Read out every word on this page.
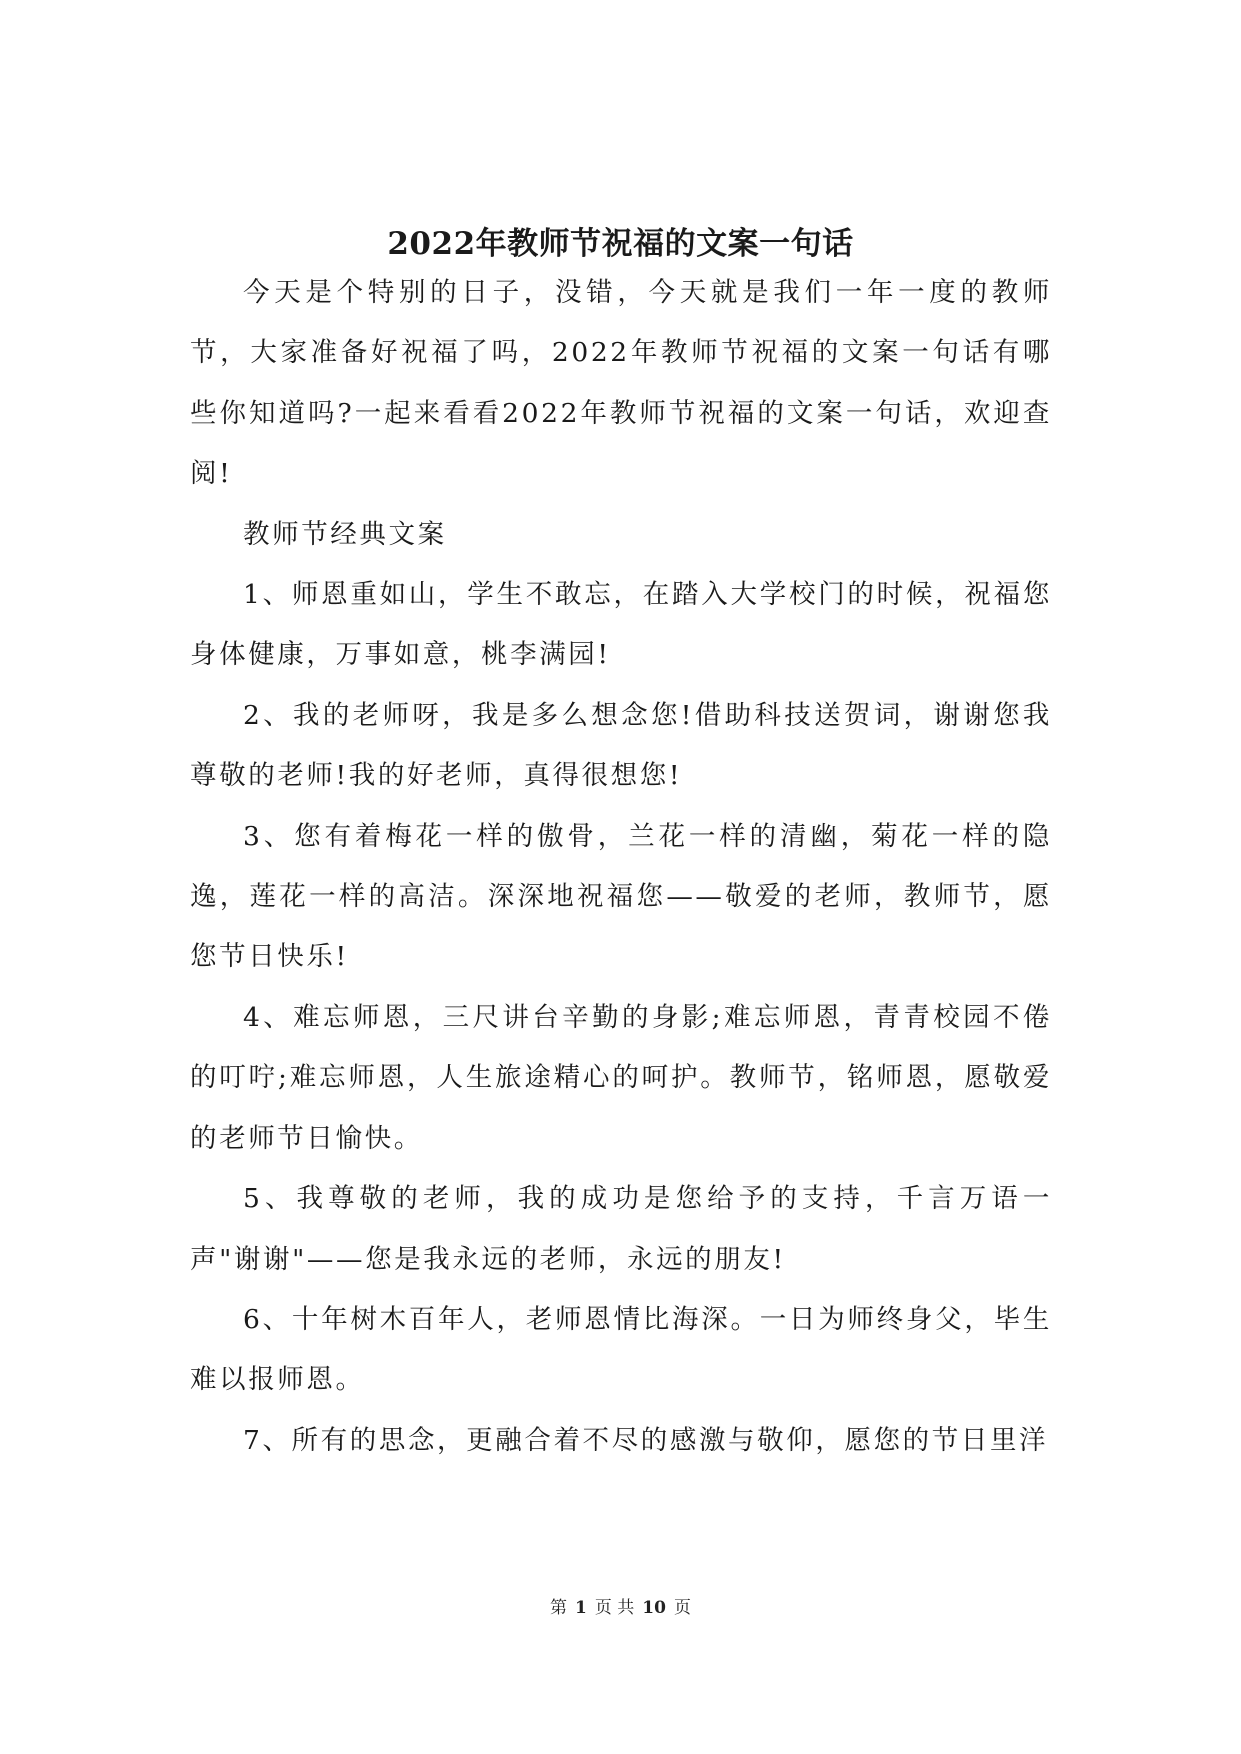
2022年教师节祝福的文案一句话

今天是个特别的日子，没错，今天就是我们一年一度的教师节，大家准备好祝福了吗，2022年教师节祝福的文案一句话有哪些你知道吗?一起来看看2022年教师节祝福的文案一句话，欢迎查阅!

教师节经典文案

1、师恩重如山，学生不敢忘，在踏入大学校门的时候，祝福您身体健康，万事如意，桃李满园!

2、我的老师呀，我是多么想念您!借助科技送贺词，谢谢您我尊敬的老师!我的好老师，真得很想您!

3、您有着梅花一样的傲骨，兰花一样的清幽，菊花一样的隐逸，莲花一样的高洁。深深地祝福您——敬爱的老师，教师节，愿您节日快乐!

4、难忘师恩，三尺讲台辛勤的身影;难忘师恩，青青校园不倦的叮咛;难忘师恩，人生旅途精心的呵护。教师节，铭师恩，愿敬爱的老师节日愉快。

5、我尊敬的老师，我的成功是您给予的支持，千言万语一声"谢谢"——您是我永远的老师，永远的朋友!

6、十年树木百年人，老师恩情比海深。一日为师终身父，毕生难以报师恩。

7、所有的思念，更融合着不尽的感激与敬仰，愿您的节日里洋

第 1 页 共 10 页
